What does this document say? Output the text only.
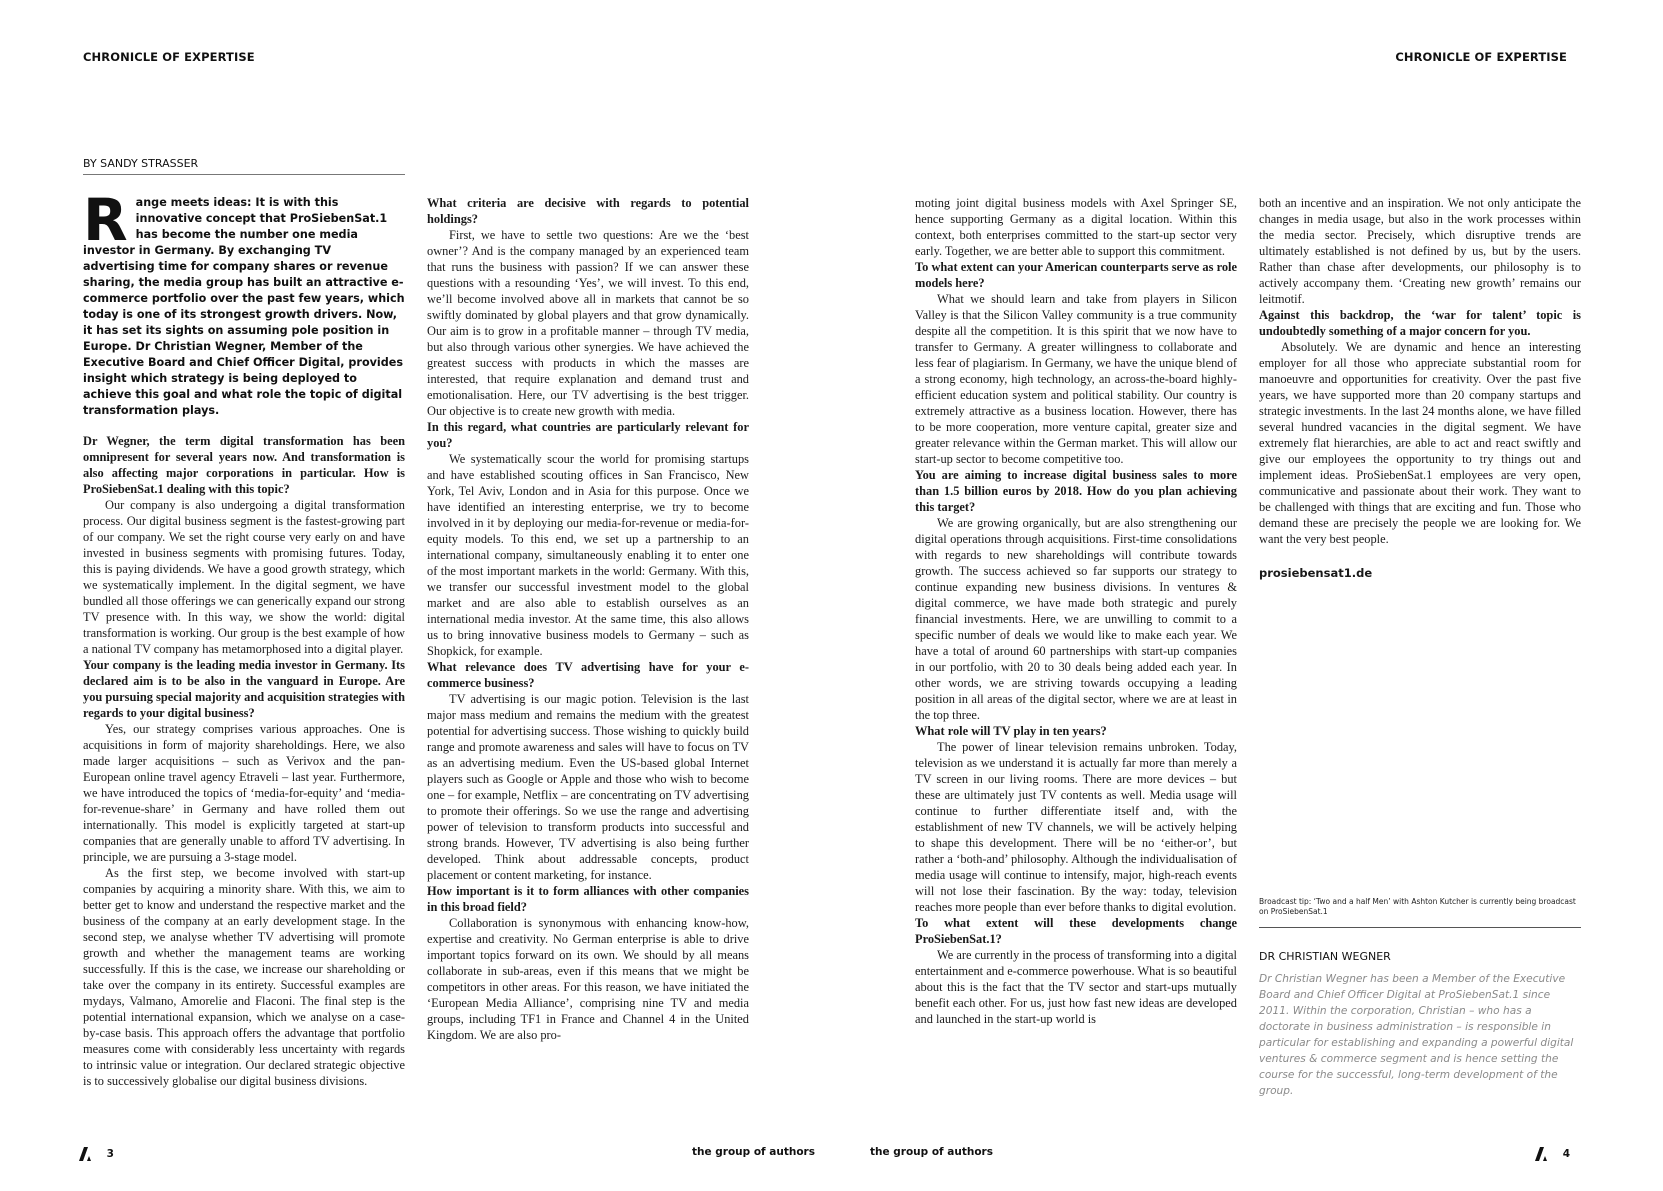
CHRONICLE OF EXPERTISE	CHRONICLE OF EXPERTISE
BY SANDY STRASSER
R ange meets ideas: It is with this innovative concept that ProSiebenSat.1 has become the number one media investor in Germany. By exchanging TV advertising time for company shares or revenue sharing, the media group has built an attractive e-commerce portfolio over the past few years, which today is one of its strongest growth drivers. Now, it has set its sights on assuming pole position in Europe. Dr Christian Wegner, Member of the Executive Board and Chief Officer Digital, provides insight which strategy is being deployed to achieve this goal and what role the topic of digital transformation plays.

Dr Wegner, the term digital transformation has been omnipresent for several years now. And transformation is also affecting major corporations in particular. How is ProSiebenSat.1 dealing with this topic?

Our company is also undergoing a digital transformation process. Our digital business segment is the fastest-growing part of our company. We set the right course very early on and have invested in business segments with promising futures. Today, this is paying dividends. We have a good growth strategy, which we systematically implement. In the digital segment, we have bundled all those offerings we can generically expand our strong TV presence with. In this way, we show the world: digital transformation is working. Our group is the best example of how a national TV company has metamorphosed into a digital player.

Your company is the leading media investor in Germany. Its declared aim is to be also in the vanguard in Europe. Are you pursuing special majority and acquisition strategies with regards to your digital business?

Yes, our strategy comprises various approaches. One is acquisitions in form of majority shareholdings. Here, we also made larger acquisitions – such as Verivox and the pan-European online travel agency Etraveli – last year. Furthermore, we have introduced the topics of ‘media-for-equity’ and ‘media-for-revenue-share’ in Germany and have rolled them out internationally. This model is explicitly targeted at start-up companies that are generally unable to afford TV advertising. In principle, we are pursuing a 3-stage model.

As the first step, we become involved with start-up companies by acquiring a minority share. With this, we aim to better get to know and understand the respective market and the business of the company at an early development stage. In the second step, we analyse whether TV advertising will promote growth and whether the management teams are working successfully. If this is the case, we increase our shareholding or take over the company in its entirety. Successful examples are mydays, Valmano, Amorelie and Flaconi. The final step is the potential international expansion, which we analyse on a case-by-case basis. This approach offers the advantage that portfolio measures come with considerably less uncertainty with regards to intrinsic value or integration. Our declared strategic objective is to successively globalise our digital business divisions.

What criteria are decisive with regards to potential holdings?

First, we have to settle two questions: Are we the ‘best owner’? And is the company managed by an experienced team that runs the business with passion? If we can answer these questions with a resounding ‘Yes’, we will invest. To this end, we’ll become involved above all in markets that cannot be so swiftly dominated by global players and that grow dynamically. Our aim is to grow in a profitable manner – through TV media, but also through various other synergies. We have achieved the greatest success with products in which the masses are interested, that require explanation and demand trust and emotionalisation. Here, our TV advertising is the best trigger. Our objective is to create new growth with media.

In this regard, what countries are particularly relevant for you?

We systematically scour the world for promising startups and have established scouting offices in San Francisco, New York, Tel Aviv, London and in Asia for this purpose. Once we have identified an interesting enterprise, we try to become involved in it by deploying our media-for-revenue or media-for-equity models. To this end, we set up a partnership to an international company, simultaneously enabling it to enter one of the most important markets in the world: Germany. With this, we transfer our successful investment model to the global market and are also able to establish ourselves as an international media investor. At the same time, this also allows us to bring innovative business models to Germany – such as Shopkick, for example.

What relevance does TV advertising have for your e-commerce business?

TV advertising is our magic potion. Television is the last major mass medium and remains the medium with the greatest potential for advertising success. Those wishing to quickly build range and promote awareness and sales will have to focus on TV as an advertising medium. Even the US-based global Internet players such as Google or Apple and those who wish to become one – for example, Netflix – are concentrating on TV advertising to promote their offerings. So we use the range and advertising power of television to transform products into successful and strong brands. However, TV advertising is also being further developed. Think about addressable concepts, product placement or content marketing, for instance.

How important is it to form alliances with other companies in this broad field?

Collaboration is synonymous with enhancing know-how, expertise and creativity. No German enterprise is able to drive important topics forward on its own. We should by all means collaborate in sub-areas, even if this means that we might be competitors in other areas. For this reason, we have initiated the ‘European Media Alliance’, comprising nine TV and media groups, including TF1 in France and Channel 4 in the United Kingdom. We are also pro-

moting joint digital business models with Axel Springer SE, hence supporting Germany as a digital location. Within this context, both enterprises committed to the start-up sector very early. Together, we are better able to support this commitment.

To what extent can your American counterparts serve as role models here?

What we should learn and take from players in Silicon Valley is that the Silicon Valley community is a true community despite all the competition. It is this spirit that we now have to transfer to Germany. A greater willingness to collaborate and less fear of plagiarism. In Germany, we have the unique blend of a strong economy, high technology, an across-the-board highly-efficient education system and political stability. Our country is extremely attractive as a business location. However, there has to be more cooperation, more venture capital, greater size and greater relevance within the German market. This will allow our start-up sector to become competitive too.

You are aiming to increase digital business sales to more than 1.5 billion euros by 2018. How do you plan achieving this target?

We are growing organically, but are also strengthening our digital operations through acquisitions. First-time consolidations with regards to new shareholdings will contribute towards growth. The success achieved so far supports our strategy to continue expanding new business divisions. In ventures & digital commerce, we have made both strategic and purely financial investments. Here, we are unwilling to commit to a specific number of deals we would like to make each year. We have a total of around 60 partnerships with start-up companies in our portfolio, with 20 to 30 deals being added each year. In other words, we are striving towards occupying a leading position in all areas of the digital sector, where we are at least in the top three.

What role will TV play in ten years?

The power of linear television remains unbroken. Today, television as we understand it is actually far more than merely a TV screen in our living rooms. There are more devices – but these are ultimately just TV contents as well. Media usage will continue to further differentiate itself and, with the establishment of new TV channels, we will be actively helping to shape this development. There will be no ‘either-or’, but rather a ‘both-and’ philosophy. Although the individualisation of media usage will continue to intensify, major, high-reach events will not lose their fascination. By the way: today, television reaches more people than ever before thanks to digital evolution.

To what extent will these developments change ProSiebenSat.1?

We are currently in the process of transforming into a digital entertainment and e-commerce powerhouse. What is so beautiful about this is the fact that the TV sector and start-ups mutually benefit each other. For us, just how fast new ideas are developed and launched in the start-up world is

both an incentive and an inspiration. We not only anticipate the changes in media usage, but also in the work processes within the media sector. Precisely, which disruptive trends are ultimately established is not defined by us, but by the users. Rather than chase after developments, our philosophy is to actively accompany them. ‘Creating new growth’ remains our leitmotif.

Against this backdrop, the ‘war for talent’ topic is undoubtedly something of a major concern for you.

Absolutely. We are dynamic and hence an interesting employer for all those who appreciate substantial room for manoeuvre and opportunities for creativity. Over the past five years, we have supported more than 20 company startups and strategic investments. In the last 24 months alone, we have filled several hundred vacancies in the digital segment. We have extremely flat hierarchies, are able to act and react swiftly and give our employees the opportunity to try things out and implement ideas. ProSiebenSat.1 employees are very open, communicative and passionate about their work. They want to be challenged with things that are exciting and fun. Those who demand these are precisely the people we are looking for. We want the very best people.

prosiebensat1.de
Broadcast tip: ‘Two and a half Men’ with Ashton Kutcher is currently being broadcast on ProSiebenSat.1
DR CHRISTIAN WEGNER
Dr Christian Wegner has been a Member of the Executive Board and Chief Officer Digital at ProSiebenSat.1 since 2011. Within the corporation, Christian – who has a doctorate in business administration – is responsible in particular for establishing and expanding a powerful digital ventures & commerce segment and is hence setting the course for the successful, long-term development of the group.
3	the group of authors	the group of authors	4
